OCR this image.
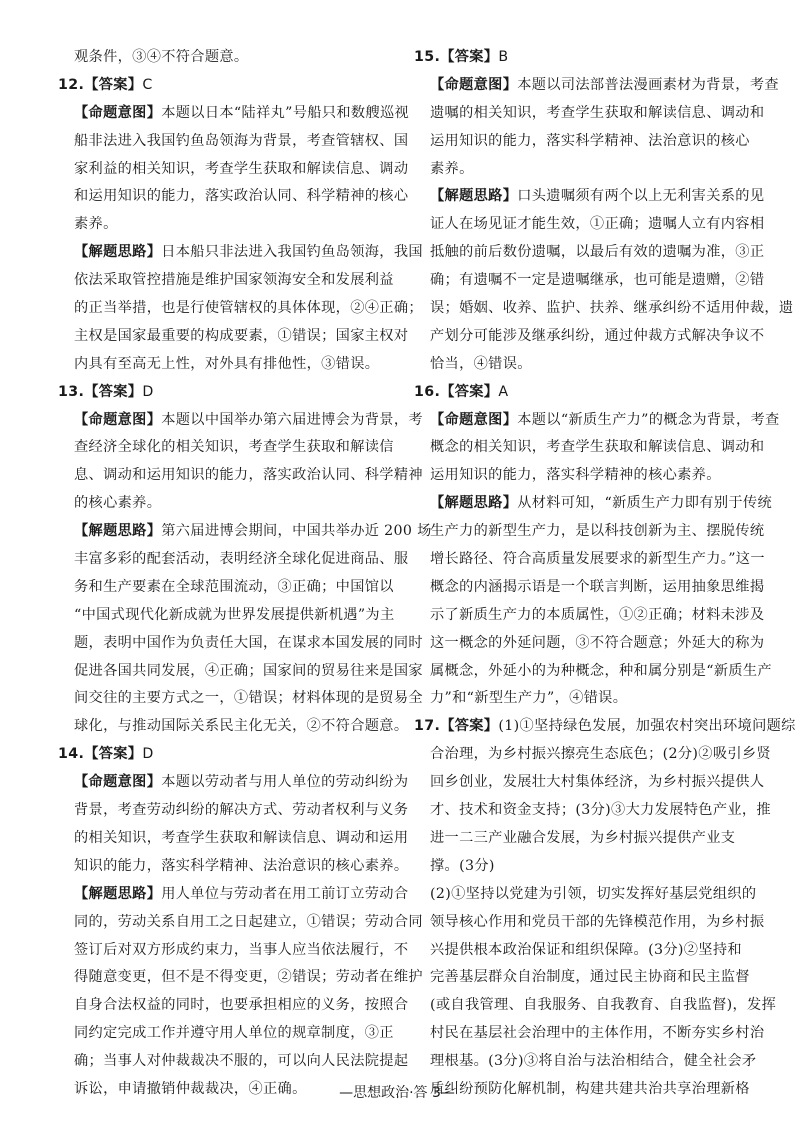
观条件，③④不符合题意。
12.【答案】C
【命题意图】本题以日本“陆祥丸”号船只和数艘巡视
船非法进入我国钓鱼岛领海为背景，考查管辖权、国
家利益的相关知识，考查学生获取和解读信息、调动
和运用知识的能力，落实政治认同、科学精神的核心
素养。
【解题思路】日本船只非法进入我国钓鱼岛领海，我国
依法采取管控措施是维护国家领海安全和发展利益
的正当举措，也是行使管辖权的具体体现，②④正确；
主权是国家最重要的构成要素，①错误；国家主权对
内具有至高无上性，对外具有排他性，③错误。
13.【答案】D
【命题意图】本题以中国举办第六届进博会为背景，考
查经济全球化的相关知识，考查学生获取和解读信
息、调动和运用知识的能力，落实政治认同、科学精神
的核心素养。
【解题思路】第六届进博会期间，中国共举办近 200 场
丰富多彩的配套活动，表明经济全球化促进商品、服
务和生产要素在全球范围流动，③正确；中国馆以
“中国式现代化新成就为世界发展提供新机遇”为主
题，表明中国作为负责任大国，在谋求本国发展的同时
促进各国共同发展，④正确；国家间的贸易往来是国家
间交往的主要方式之一，①错误；材料体现的是贸易全
球化，与推动国际关系民主化无关，②不符合题意。
14.【答案】D
【命题意图】本题以劳动者与用人单位的劳动纠纷为
背景，考查劳动纠纷的解决方式、劳动者权利与义务
的相关知识，考查学生获取和解读信息、调动和运用
知识的能力，落实科学精神、法治意识的核心素养。
【解题思路】用人单位与劳动者在用工前订立劳动合
同的，劳动关系自用工之日起建立，①错误；劳动合同
签订后对双方形成约束力，当事人应当依法履行，不
得随意变更，但不是不得变更，②错误；劳动者在维护
自身合法权益的同时，也要承担相应的义务，按照合
同约定完成工作并遵守用人单位的规章制度，③正
确；当事人对仲裁裁决不服的，可以向人民法院提起
诉讼，申请撤销仲裁裁决，④正确。
15.【答案】B
【命题意图】本题以司法部普法漫画素材为背景，考查
遗嘱的相关知识，考查学生获取和解读信息、调动和
运用知识的能力，落实科学精神、法治意识的核心
素养。
【解题思路】口头遗嘱须有两个以上无利害关系的见
证人在场见证才能生效，①正确；遗嘱人立有内容相
抵触的前后数份遗嘱，以最后有效的遗嘱为准，③正
确；有遗嘱不一定是遗嘱继承，也可能是遗赠，②错
误；婚姻、收养、监护、扶养、继承纠纷不适用仲裁，遗
产划分可能涉及继承纠纷，通过仲裁方式解决争议不
恰当，④错误。
16.【答案】A
【命题意图】本题以“新质生产力”的概念为背景，考查
概念的相关知识，考查学生获取和解读信息、调动和
运用知识的能力，落实科学精神的核心素养。
【解题思路】从材料可知，“新质生产力即有别于传统
生产力的新型生产力，是以科技创新为主、摆脱传统
增长路径、符合高质量发展要求的新型生产力。”这一
概念的内涵揭示语是一个联言判断，运用抽象思维揭
示了新质生产力的本质属性，①②正确；材料未涉及
这一概念的外延问题，③不符合题意；外延大的称为
属概念，外延小的为种概念，种和属分别是“新质生产
力”和“新型生产力”，④错误。
17.【答案】(1)①坚持绿色发展，加强农村突出环境问题综
合治理，为乡村振兴擦亮生态底色；(2分)②吸引乡贤
回乡创业，发展壮大村集体经济，为乡村振兴提供人
才、技术和资金支持；(3分)③大力发展特色产业，推
进一二三产业融合发展，为乡村振兴提供产业支
撑。(3分)
(2)①坚持以党建为引领，切实发挥好基层党组织的
领导核心作用和党员干部的先锋模范作用，为乡村振
兴提供根本政治保证和组织保障。(3分)②坚持和
完善基层群众自治制度，通过民主协商和民主监督
(或自我管理、自我服务、自我教育、自我监督)，发挥
村民在基层社会治理中的主体作用，不断夯实乡村治
理根基。(3分)③将自治与法治相结合，健全社会矛
盾纠纷预防化解机制，构建共建共治共享治理新格
—思想政治·答 3—
